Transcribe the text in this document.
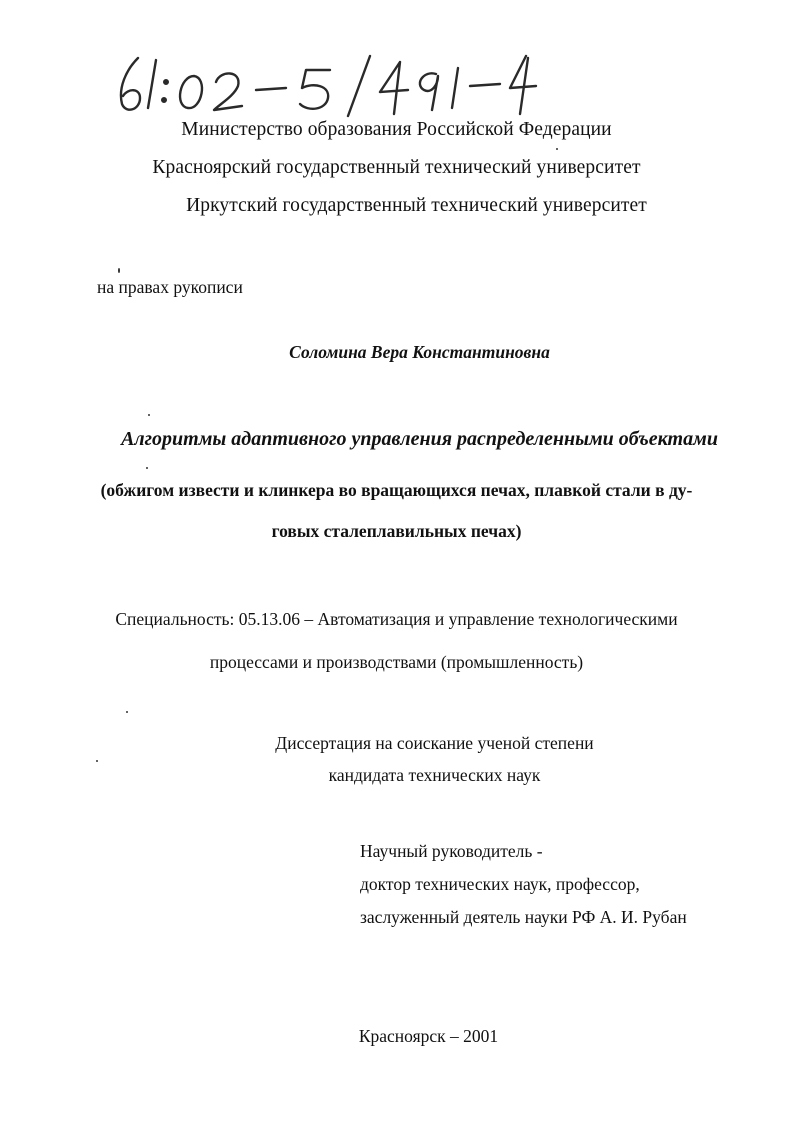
Министерство образования Российской Федерации
Красноярский государственный технический университет
Иркутский государственный технический университет
на правах рукописи
Соломина Вера Константиновна
Алгоритмы адаптивного управления распределенными объектами
(обжигом извести и клинкера во вращающихся печах, плавкой стали в ду-
говых сталеплавильных печах)
Специальность: 05.13.06 – Автоматизация и управление технологическими
процессами и производствами (промышленность)
Диссертация на соискание ученой степени
кандидата технических наук
Научный руководитель -
доктор технических наук, профессор,
заслуженный деятель науки РФ А. И. Рубан
Красноярск – 2001
